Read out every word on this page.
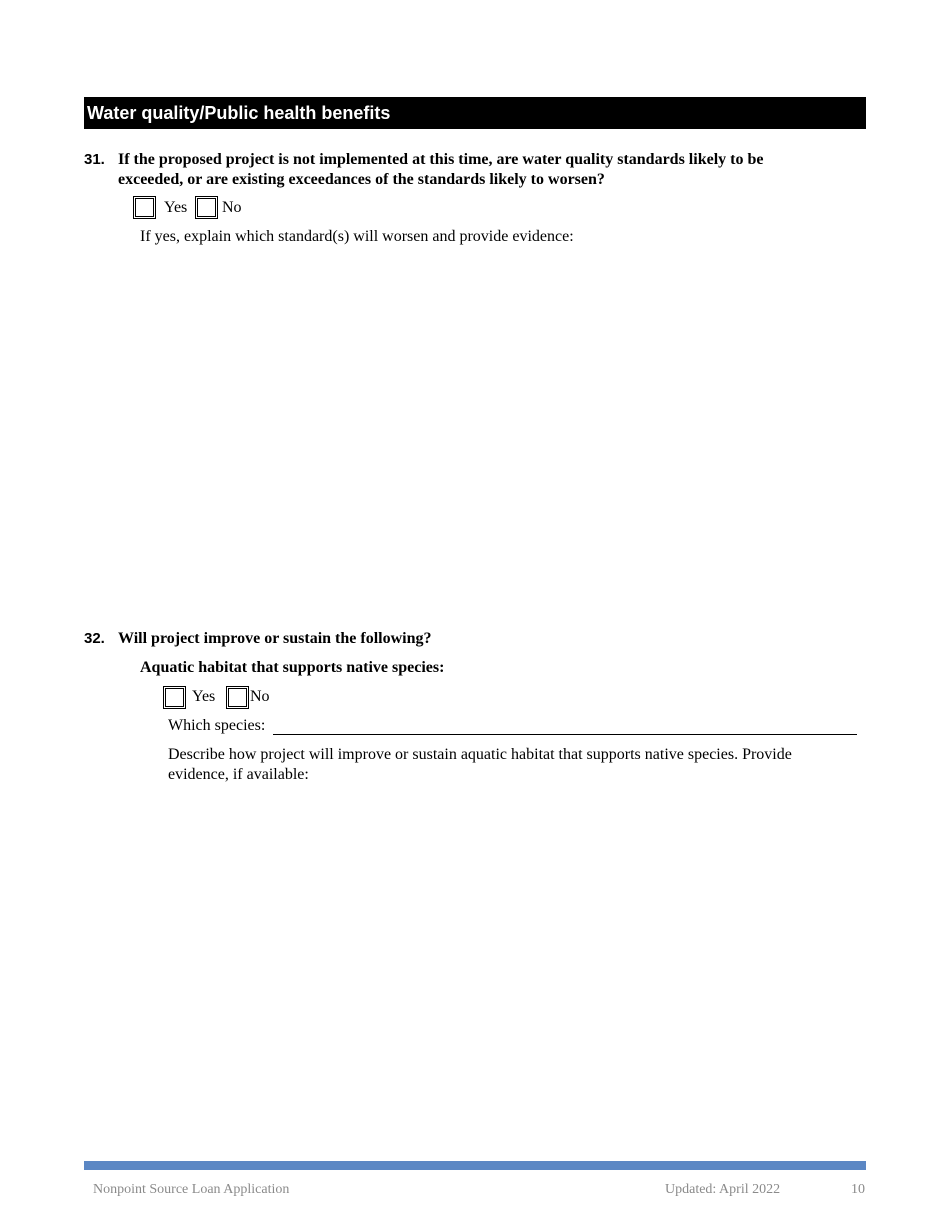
Water quality/Public health benefits
31. If the proposed project is not implemented at this time, are water quality standards likely to be
exceeded, or are existing exceedances of the standards likely to worsen?
Yes No
If yes, explain which standard(s) will worsen and provide evidence:
32. Will project improve or sustain the following?
Aquatic habitat that supports native species:
Yes No
Which species:
Describe how project will improve or sustain aquatic habitat that supports native species. Provide
evidence, if available:
Nonpoint Source Loan Application	Updated: April 2022	10
